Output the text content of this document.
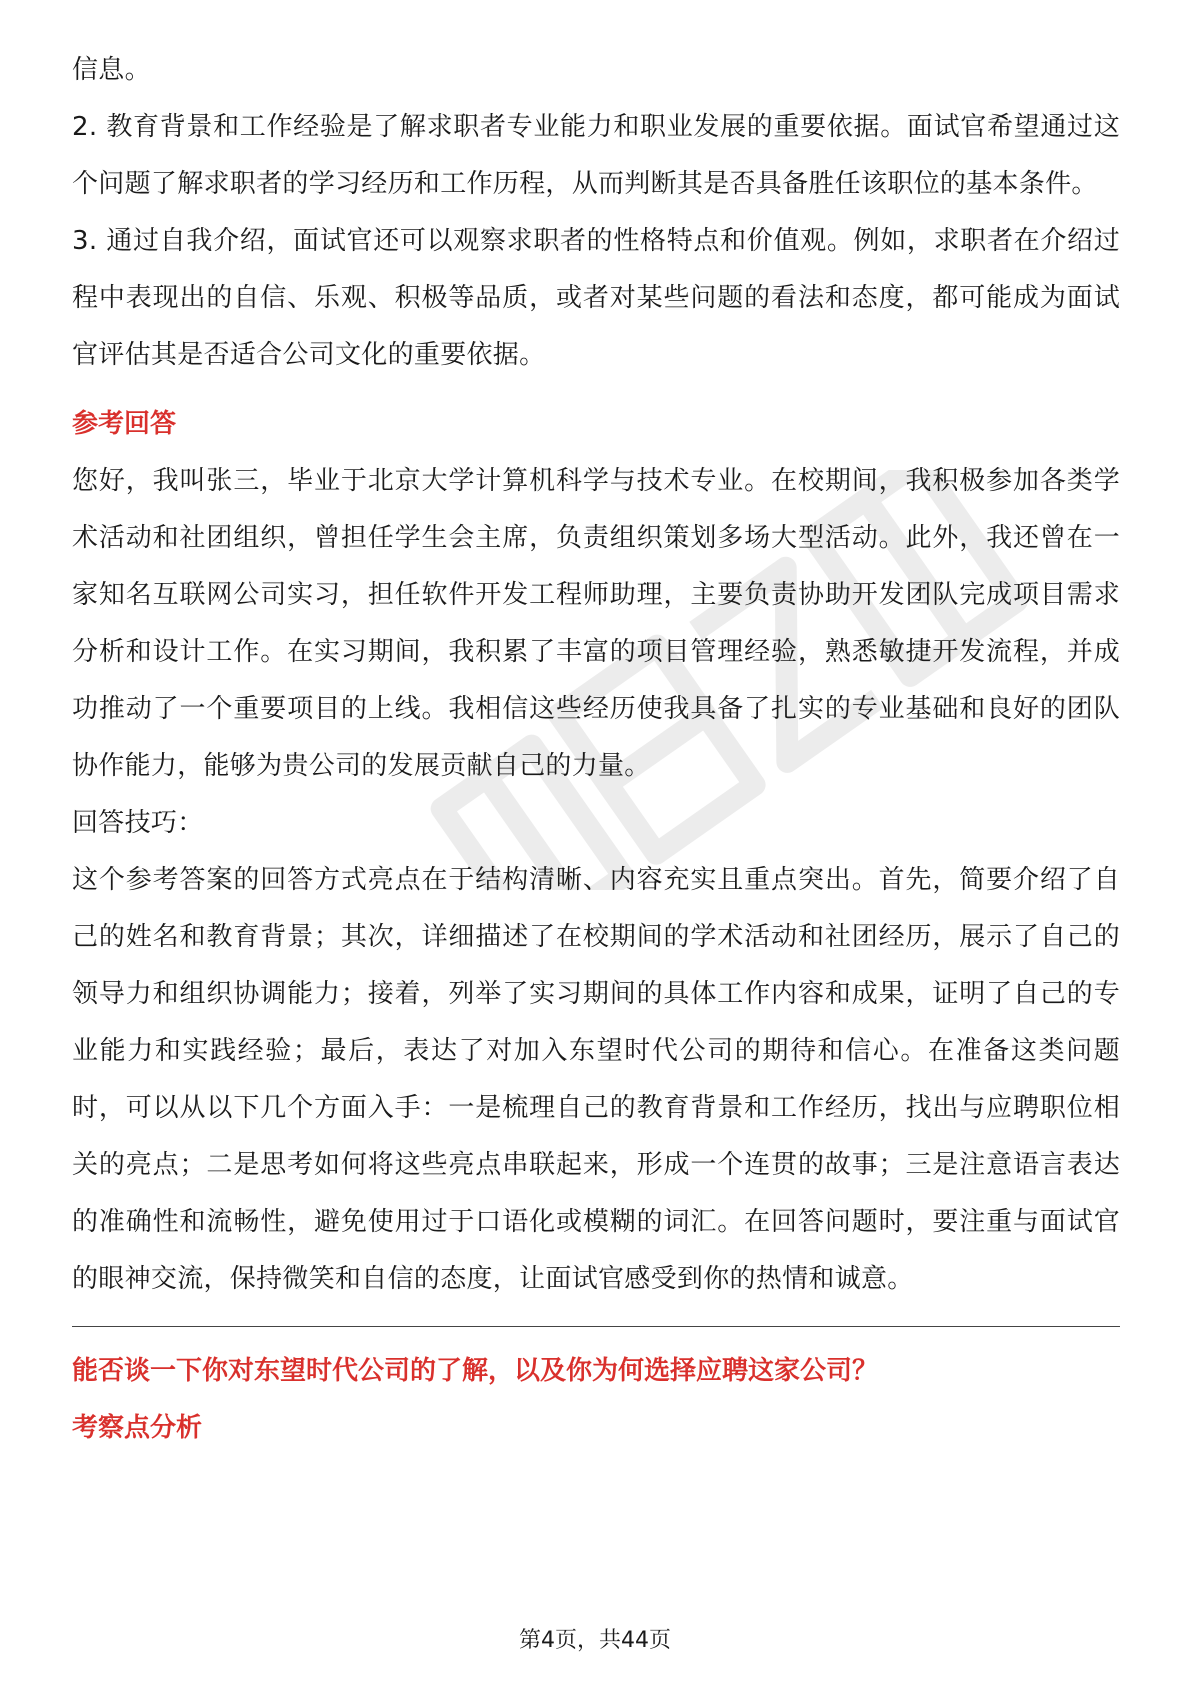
信息。

2. 教育背景和工作经验是了解求职者专业能力和职业发展的重要依据。面试官希望通过这个问题了解求职者的学习经历和工作历程，从而判断其是否具备胜任该职位的基本条件。

3. 通过自我介绍，面试官还可以观察求职者的性格特点和价值观。例如，求职者在介绍过程中表现出的自信、乐观、积极等品质，或者对某些问题的看法和态度，都可能成为面试官评估其是否适合公司文化的重要依据。

参考回答

您好，我叫张三，毕业于北京大学计算机科学与技术专业。在校期间，我积极参加各类学术活动和社团组织，曾担任学生会主席，负责组织策划多场大型活动。此外，我还曾在一家知名互联网公司实习，担任软件开发工程师助理，主要负责协助开发团队完成项目需求分析和设计工作。在实习期间，我积累了丰富的项目管理经验，熟悉敏捷开发流程，并成功推动了一个重要项目的上线。我相信这些经历使我具备了扎实的专业基础和良好的团队协作能力，能够为贵公司的发展贡献自己的力量。

回答技巧：

这个参考答案的回答方式亮点在于结构清晰、内容充实且重点突出。首先，简要介绍了自己的姓名和教育背景；其次，详细描述了在校期间的学术活动和社团经历，展示了自己的领导力和组织协调能力；接着，列举了实习期间的具体工作内容和成果，证明了自己的专业能力和实践经验；最后，表达了对加入东望时代公司的期待和信心。在准备这类问题时，可以从以下几个方面入手：一是梳理自己的教育背景和工作经历，找出与应聘职位相关的亮点；二是思考如何将这些亮点串联起来，形成一个连贯的故事；三是注意语言表达的准确性和流畅性，避免使用过于口语化或模糊的词汇。在回答问题时，要注重与面试官的眼神交流，保持微笑和自信的态度，让面试官感受到你的热情和诚意。

能否谈一下你对东望时代公司的了解，以及你为何选择应聘这家公司？

考察点分析

第4页，共44页
